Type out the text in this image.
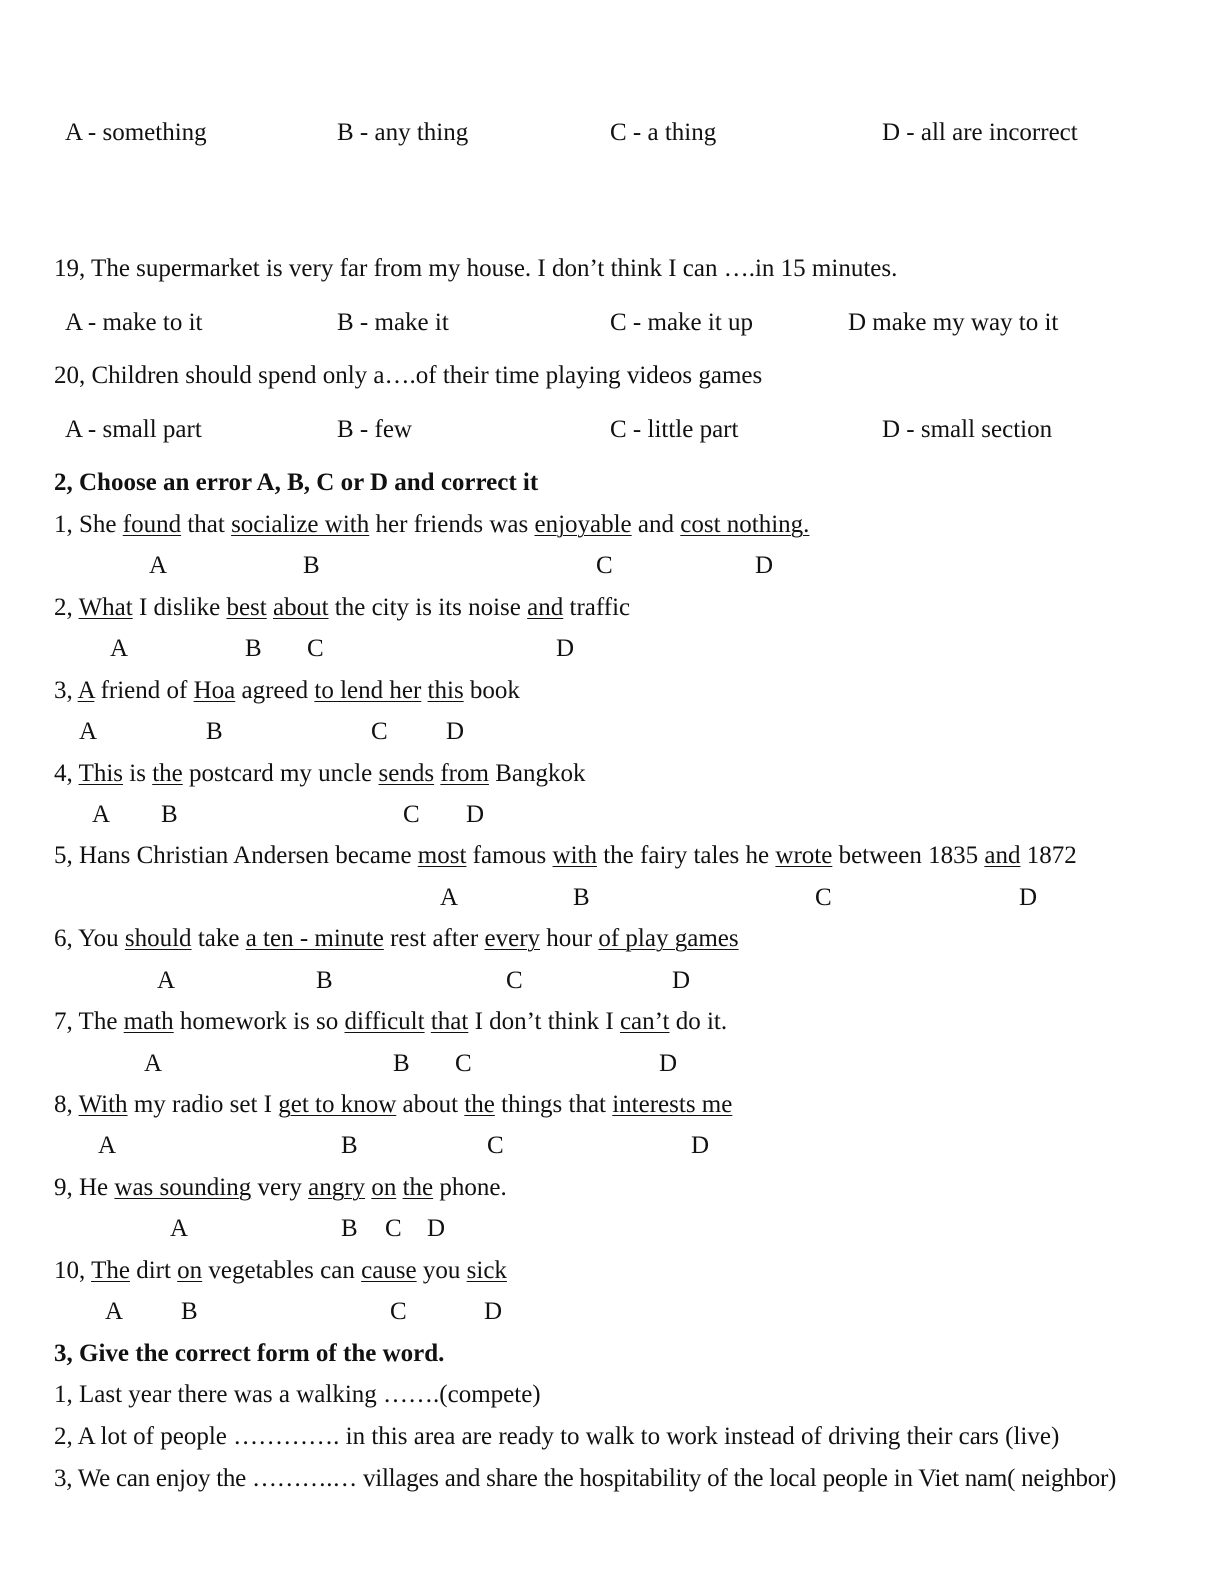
A - something	B - any thing	C - a thing	D - all are incorrect
19, The supermarket is very far from my house. I don’t think I can ….in 15 minutes.
A - make to it	B - make it	C - make it up	D make my way to it
20, Children should spend only a….of their time playing videos games
A - small part	B - few	C - little part	D - small section
2, Choose an error A, B, C or D and correct it
1, She found that socialize with her friends was enjoyable and cost nothing.
A	B	C	D
2, What I dislike best about the city is its noise and traffic
A	B C	D
3, A friend of Hoa agreed to lend her this book
A	B	C D
4, This is the postcard my uncle sends from Bangkok
A B	C D
5, Hans Christian Andersen became most famous with the fairy tales he wrote between 1835 and 1872
A	B	C	D
6, You should take a ten - minute rest after every hour of play games
A	B	C	D
7, The math homework is so difficult that I don’t think I can’t do it.
A	B C	D
8, With my radio set I get to know about the things that interests me
A	B	C	D
9, He was sounding very angry on the phone.
A	B C D
10, The dirt on vegetables can cause you sick
A B	C	D
3, Give the correct form of the word.
1, Last year there was a walking …….(compete)
2, A lot of people …………. in this area are ready to walk to work instead of driving their cars (live)
3, We can enjoy the ……….… villages and share the hospitability of the local people in Viet nam( neighbor)
